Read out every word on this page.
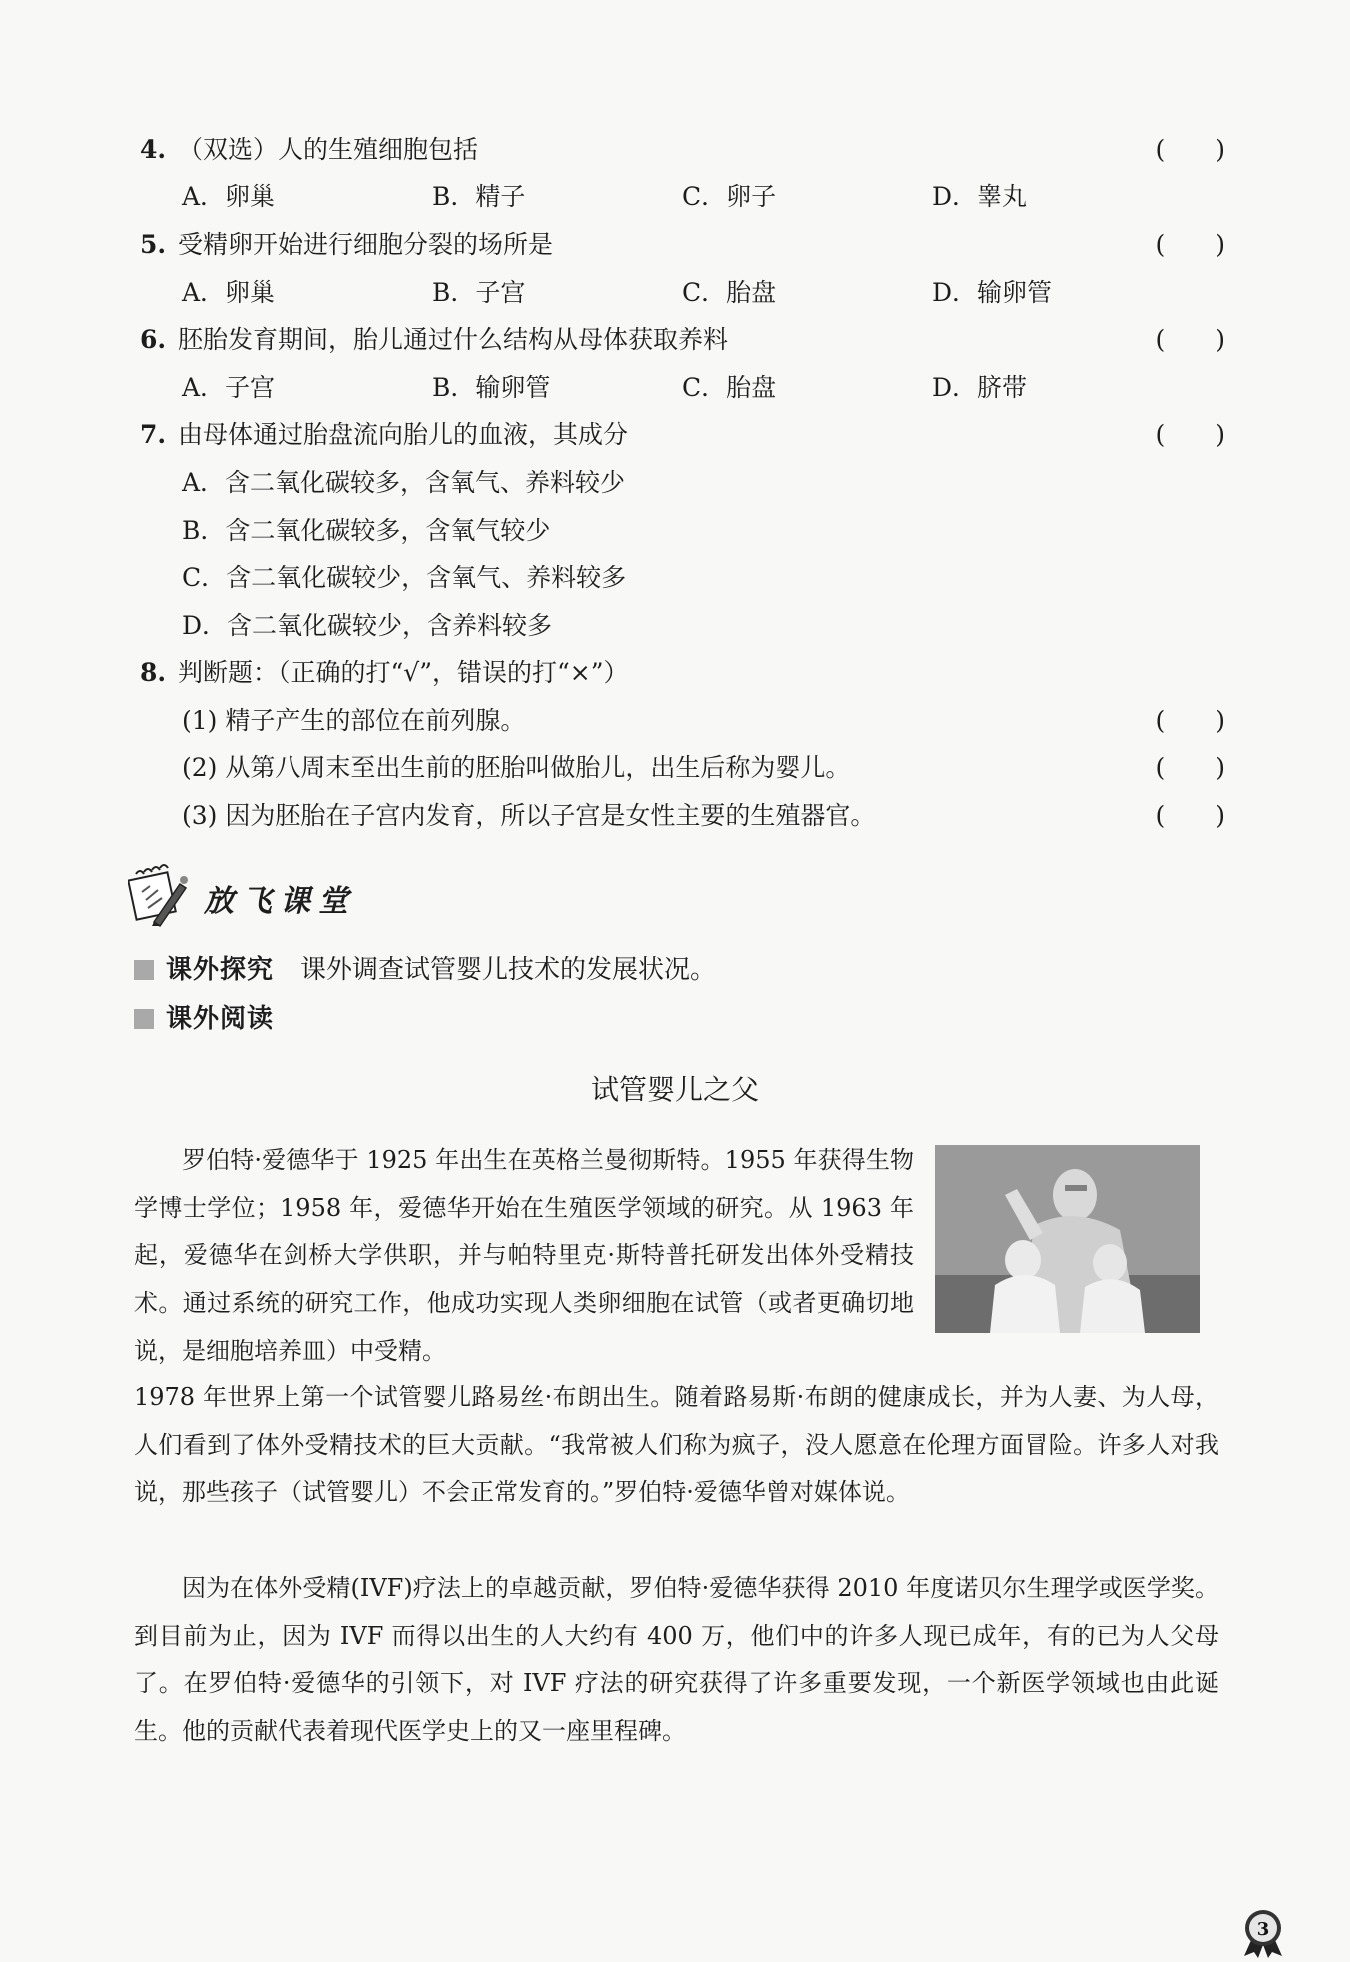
4. （双选）人的生殖细胞包括	(　　)
A．卵巢	B．精子	C．卵子	D．睾丸
5. 受精卵开始进行细胞分裂的场所是	(　　)
A．卵巢	B．子宫	C．胎盘	D．输卵管
6. 胚胎发育期间，胎儿通过什么结构从母体获取养料	(　　)
A．子宫	B．输卵管	C．胎盘	D．脐带
7. 由母体通过胎盘流向胎儿的血液，其成分	(　　)
A．含二氧化碳较多，含氧气、养料较少
B．含二氧化碳较多，含氧气较少
C．含二氧化碳较少，含氧气、养料较多
D．含二氧化碳较少，含养料较多
8. 判断题：（正确的打“√”，错误的打“×”）
(1) 精子产生的部位在前列腺。	(　　)
(2) 从第八周末至出生前的胚胎叫做胎儿，出生后称为婴儿。	(　　)
(3) 因为胚胎在子宫内发育，所以子宫是女性主要的生殖器官。	(　　)
放飞课堂
课外探究 课外调查试管婴儿技术的发展状况。
课外阅读
试管婴儿之父

罗伯特·爱德华于 1925 年出生在英格兰曼彻斯特。1955 年获得生物学博士学位；1958 年，爱德华开始在生殖医学领域的研究。从 1963 年起，爱德华在剑桥大学供职，并与帕特里克·斯特普托研发出体外受精技术。通过系统的研究工作，他成功实现人类卵细胞在试管（或者更确切地说，是细胞培养皿）中受精。

1978 年世界上第一个试管婴儿路易丝·布朗出生。随着路易斯·布朗的健康成长，并为人妻、为人母，人们看到了体外受精技术的巨大贡献。“我常被人们称为疯子，没人愿意在伦理方面冒险。许多人对我说，那些孩子（试管婴儿）不会正常发育的。”罗伯特·爱德华曾对媒体说。

因为在体外受精(IVF)疗法上的卓越贡献，罗伯特·爱德华获得 2010 年度诺贝尔生理学或医学奖。到目前为止，因为 IVF 而得以出生的人大约有 400 万，他们中的许多人现已成年，有的已为人父母了。在罗伯特·爱德华的引领下，对 IVF 疗法的研究获得了许多重要发现，一个新医学领域也由此诞生。他的贡献代表着现代医学史上的又一座里程碑。

3
